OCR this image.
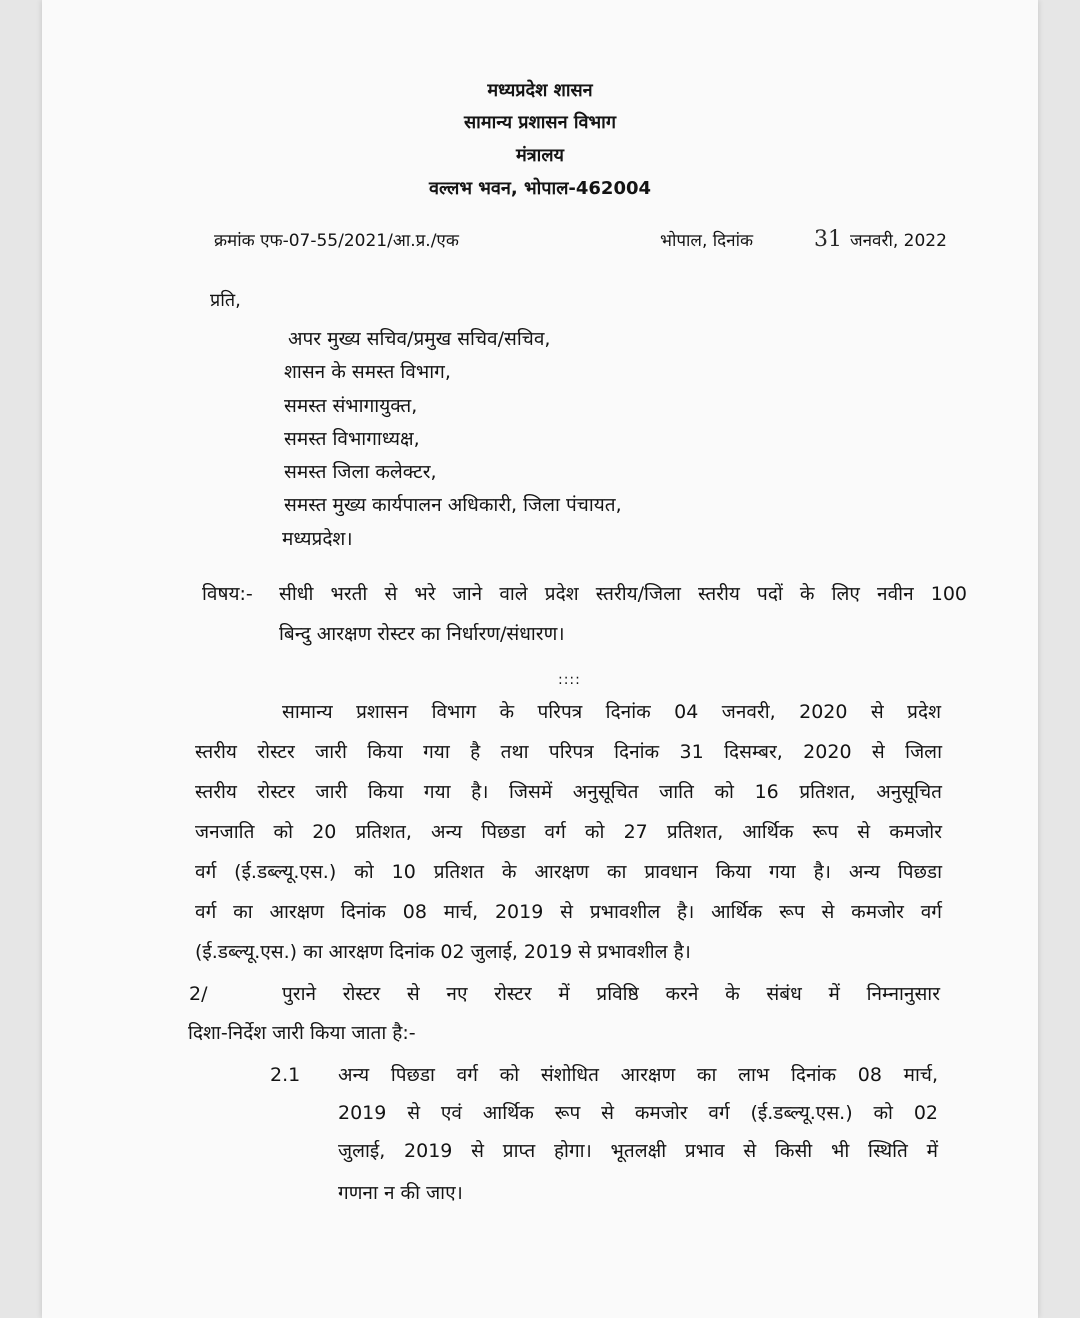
मध्यप्रदेश शासन
सामान्य प्रशासन विभाग
मंत्रालय
वल्लभ भवन, भोपाल-462004
क्रमांक एफ-07-55/2021/आ.प्र./एक	भोपाल, दिनांक	31 जनवरी, 2022
प्रति,
अपर मुख्य सचिव/प्रमुख सचिव/सचिव,
शासन के समस्त विभाग,
समस्त संभागायुक्त,
समस्त विभागाध्यक्ष,
समस्त जिला कलेक्टर,
समस्त मुख्य कार्यपालन अधिकारी, जिला पंचायत,
मध्यप्रदेश।
विषय:- सीधी भरती से भरे जाने वाले प्रदेश स्तरीय/जिला स्तरीय पदों के लिए नवीन 100
बिन्दु आरक्षण रोस्टर का निर्धारण/संधारण।
::::
सामान्य प्रशासन विभाग के परिपत्र दिनांक 04 जनवरी, 2020 से प्रदेश
स्तरीय रोस्टर जारी किया गया है तथा परिपत्र दिनांक 31 दिसम्बर, 2020 से जिला
स्तरीय रोस्टर जारी किया गया है। जिसमें अनुसूचित जाति को 16 प्रतिशत, अनुसूचित
जनजाति को 20 प्रतिशत, अन्य पिछडा वर्ग को 27 प्रतिशत, आर्थिक रूप से कमजोर
वर्ग (ई.डब्ल्यू.एस.) को 10 प्रतिशत के आरक्षण का प्रावधान किया गया है। अन्य पिछडा
वर्ग का आरक्षण दिनांक 08 मार्च, 2019 से प्रभावशील है। आर्थिक रूप से कमजोर वर्ग
(ई.डब्ल्यू.एस.) का आरक्षण दिनांक 02 जुलाई, 2019 से प्रभावशील है।
2/	पुराने रोस्टर से नए रोस्टर में प्रविष्ठि करने के संबंध में निम्नानुसार
दिशा-निर्देश जारी किया जाता है:-
2.1 अन्य पिछडा वर्ग को संशोधित आरक्षण का लाभ दिनांक 08 मार्च,
2019 से एवं आर्थिक रूप से कमजोर वर्ग (ई.डब्ल्यू.एस.) को 02
जुलाई, 2019 से प्राप्त होगा। भूतलक्षी प्रभाव से किसी भी स्थिति में
गणना न की जाए।
